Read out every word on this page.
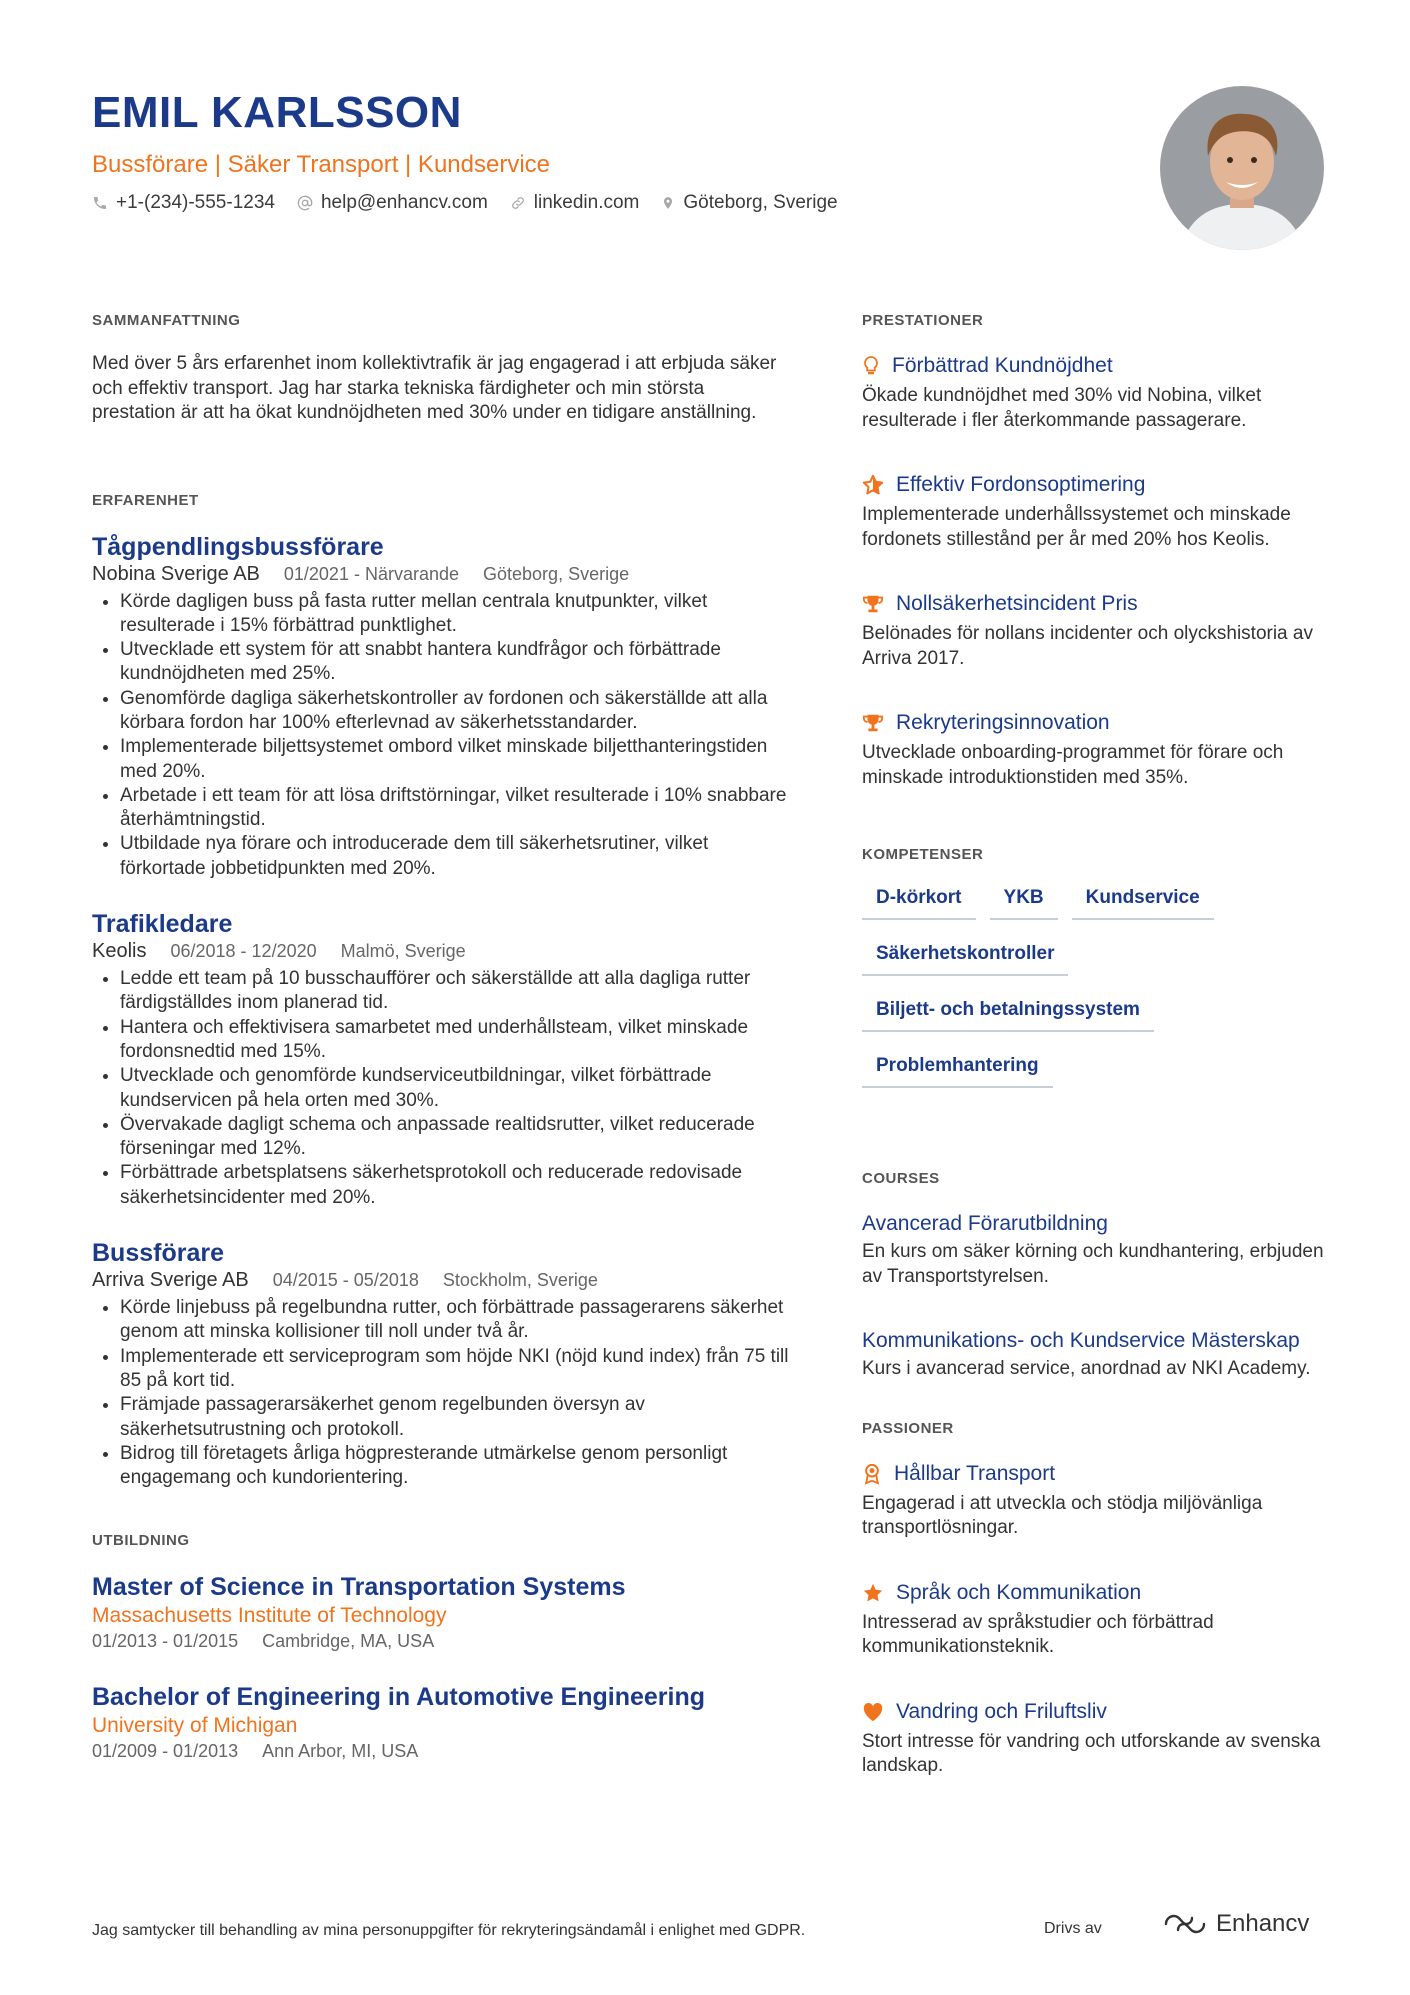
EMIL KARLSSON
Bussförare | Säker Transport | Kundservice
+1-(234)-555-1234 help@enhancv.com linkedin.com Göteborg, Sverige
SAMMANFATTNING

Med över 5 års erfarenhet inom kollektivtrafik är jag engagerad i att erbjuda säker och effektiv transport. Jag har starka tekniska färdigheter och min största prestation är att ha ökat kundnöjdheten med 30% under en tidigare anställning.

ERFARENHET
Tågpendlingsbussförare
Nobina Sverige AB 01/2021 - Närvarande Göteborg, Sverige
• Körde dagligen buss på fasta rutter mellan centrala knutpunkter, vilket resulterade i 15% förbättrad punktlighet.
• Utvecklade ett system för att snabbt hantera kundfrågor och förbättrade kundnöjdheten med 25%.
• Genomförde dagliga säkerhetskontroller av fordonen och säkerställde att alla körbara fordon har 100% efterlevnad av säkerhetsstandarder.
• Implementerade biljettsystemet ombord vilket minskade biljetthanteringstiden med 20%.
• Arbetade i ett team för att lösa driftstörningar, vilket resulterade i 10% snabbare återhämtningstid.
• Utbildade nya förare och introducerade dem till säkerhetsrutiner, vilket förkortade jobbetidpunkten med 20%.
Trafikledare
Keolis 06/2018 - 12/2020 Malmö, Sverige
• Ledde ett team på 10 busschaufförer och säkerställde att alla dagliga rutter färdigställdes inom planerad tid.
• Hantera och effektivisera samarbetet med underhållsteam, vilket minskade fordonsnedtid med 15%.
• Utvecklade och genomförde kundserviceutbildningar, vilket förbättrade kundservicen på hela orten med 30%.
• Övervakade dagligt schema och anpassade realtidsrutter, vilket reducerade förseningar med 12%.
• Förbättrade arbetsplatsens säkerhetsprotokoll och reducerade redovisade säkerhetsincidenter med 20%.
Bussförare
Arriva Sverige AB 04/2015 - 05/2018 Stockholm, Sverige
• Körde linjebuss på regelbundna rutter, och förbättrade passagerarens säkerhet genom att minska kollisioner till noll under två år.
• Implementerade ett serviceprogram som höjde NKI (nöjd kund index) från 75 till 85 på kort tid.
• Främjade passagerarsäkerhet genom regelbunden översyn av säkerhetsutrustning och protokoll.
• Bidrog till företagets årliga högpresterande utmärkelse genom personligt engagemang och kundorientering.
UTBILDNING
Master of Science in Transportation Systems
Massachusetts Institute of Technology
01/2013 - 01/2015 Cambridge, MA, USA
Bachelor of Engineering in Automotive Engineering
University of Michigan
01/2009 - 01/2013 Ann Arbor, MI, USA
PRESTATIONER
Förbättrad Kundnöjdhet
Ökade kundnöjdhet med 30% vid Nobina, vilket resulterade i fler återkommande passagerare.
Effektiv Fordonsoptimering
Implementerade underhållssystemet och minskade fordonets stillestånd per år med 20% hos Keolis.
Nollsäkerhetsincident Pris
Belönades för nollans incidenter och olyckshistoria av Arriva 2017.
Rekryteringsinnovation
Utvecklade onboarding-programmet för förare och minskade introduktionstiden med 35%.
KOMPETENSER
D-körkort	YKB	Kundservice
Säkerhetskontroller
Biljett- och betalningssystem
Problemhantering
COURSES
Avancerad Förarutbildning
En kurs om säker körning och kundhantering, erbjuden av Transportstyrelsen.
Kommunikations- och Kundservice Mästerskap
Kurs i avancerad service, anordnad av NKI Academy.
PASSIONER
Hållbar Transport
Engagerad i att utveckla och stödja miljövänliga transportlösningar.
Språk och Kommunikation
Intresserad av språkstudier och förbättrad kommunikationsteknik.
Vandring och Friluftsliv
Stort intresse för vandring och utforskande av svenska landskap.
Jag samtycker till behandling av mina personuppgifter för rekryteringsändamål i enlighet med GDPR.	Drivs av	Enhancv
